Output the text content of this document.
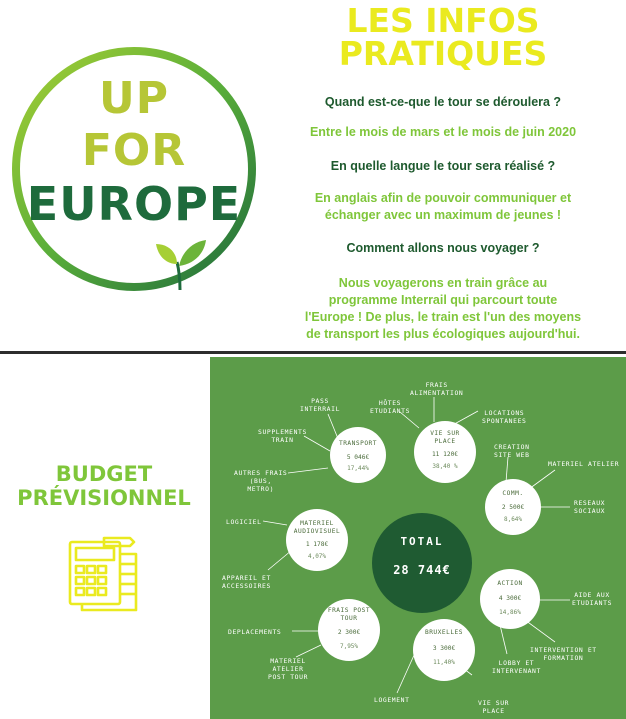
UP
FOR
EUROPE
LES INFOS
PRATIQUES
Quand est-ce-que le tour se déroulera ?
Entre le mois de mars et le mois de juin 2020
En quelle langue le tour sera réalisé ?
En anglais afin de pouvoir communiquer et
échanger avec un maximum de jeunes !
Comment allons nous voyager ?
Nous voyagerons en train grâce au
programme Interrail qui parcourt toute
l'Europe ! De plus, le train est l'un des moyens
de transport les plus écologiques aujourd'hui.
BUDGET
PRÉVISIONNEL
TOTAL
28 744€
TRANSPORT
5 046€
17,44%
VIE SUR
PLACE
11 120€
38,40 %
COMM.
2 500€
8,64%
MATERIEL
AUDIOVISUEL
1 178€
4,07%
ACTION
4 300€
14,86%
FRAIS POST
TOUR
2 300€
7,95%
BRUXELLES
3 300€
11,40%
PASS
INTERRAIL
SUPPLEMENTS
TRAIN
AUTRES FRAIS
(BUS,
METRO)
FRAIS
ALIMENTATION
HÔTES
ETUDIANTS	LOCATIONS
SPONTANEES
CREATION
SITE WEB
MATERIEL ATELIER
RESEAUX
SOCIAUX
LOGICIEL
APPAREIL ET
ACCESSOIRES
AIDE AUX
ETUDIANTS
INTERVENTION ET
FORMATION
LOBBY ET
INTERVENANT
DEPLACEMENTS
MATERIEL
ATELIER
POST TOUR
LOGEMENT	VIE SUR
PLACE
